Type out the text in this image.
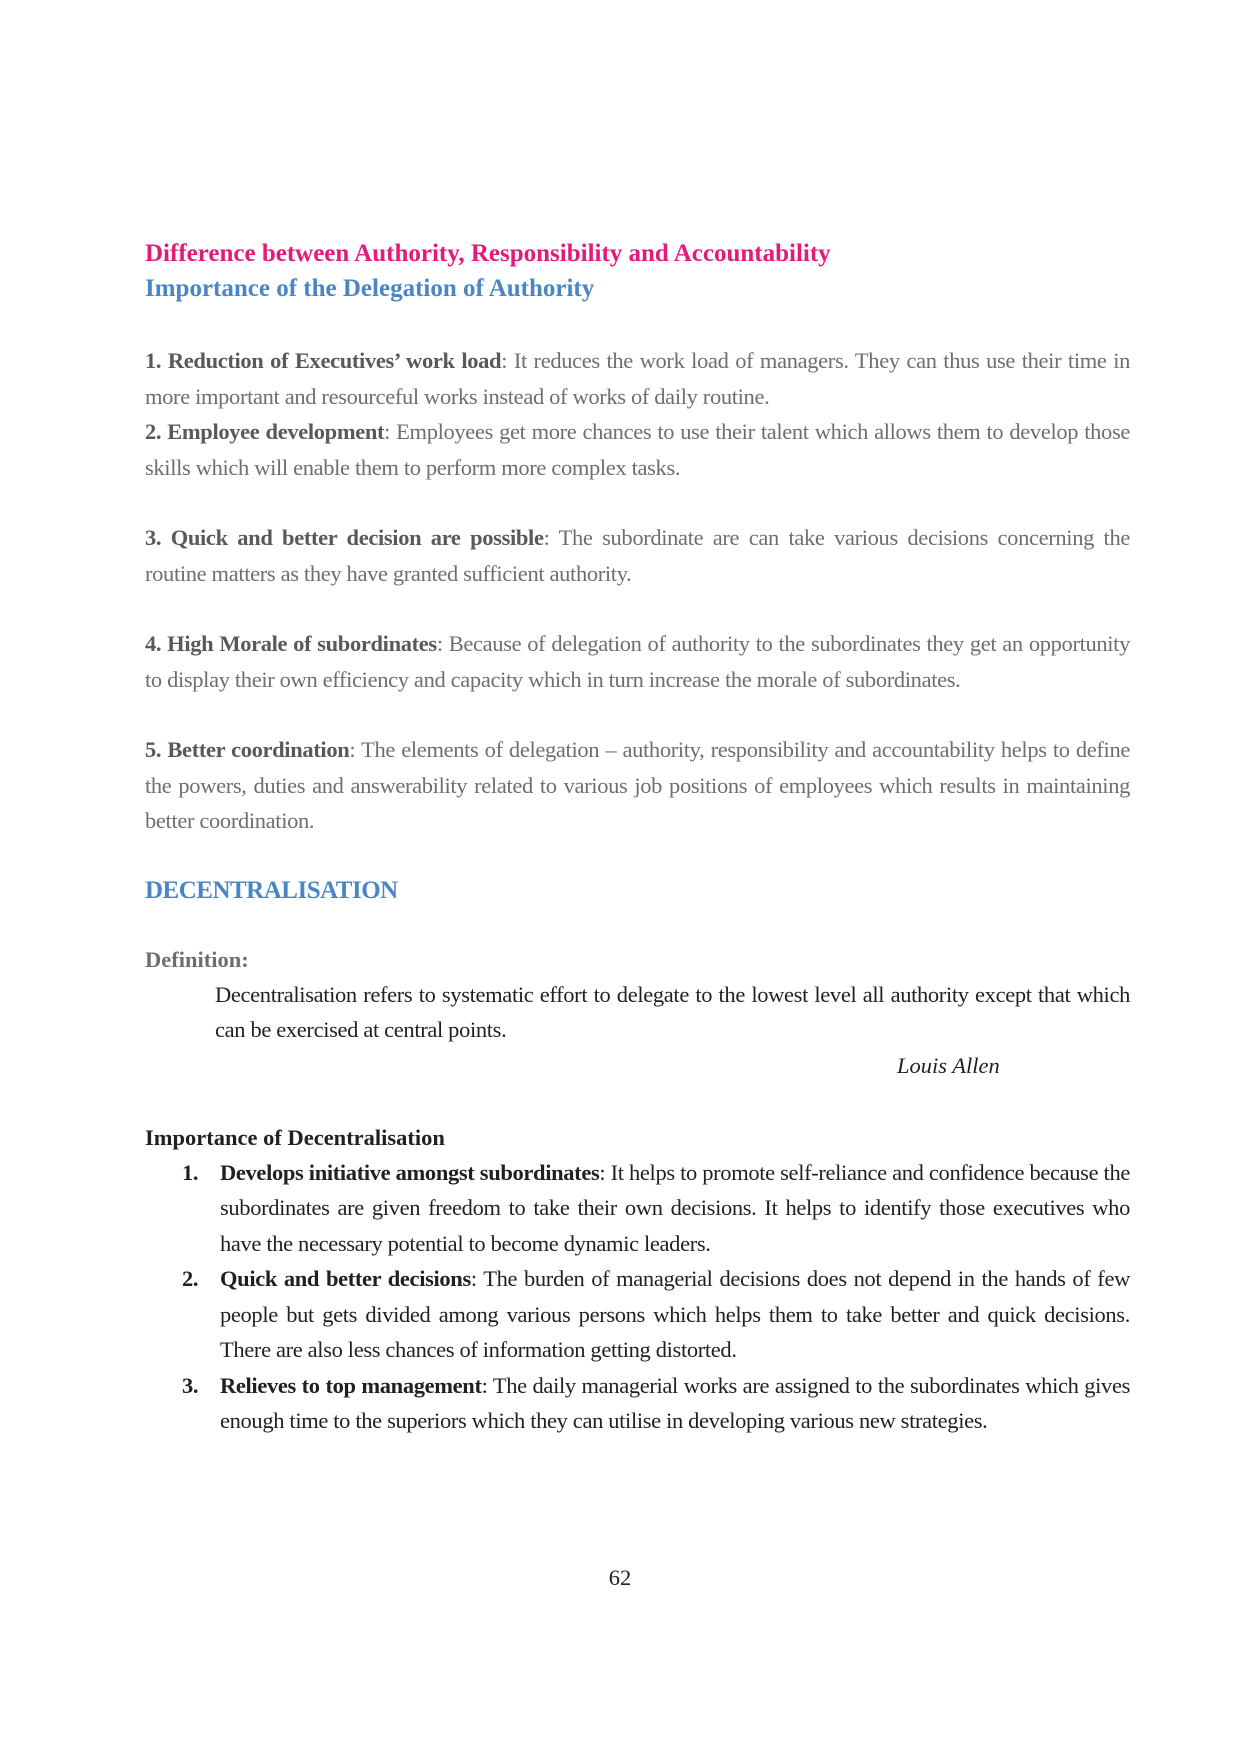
Difference between Authority, Responsibility and Accountability

Importance of the Delegation of Authority

1. Reduction of Executives’ work load: It reduces the work load of managers. They can thus use their time in more important and resourceful works instead of works of daily routine.

2. Employee development: Employees get more chances to use their talent which allows them to develop those skills which will enable them to perform more complex tasks.

3. Quick and better decision are possible: The subordinate are can take various decisions concerning the routine matters as they have granted sufficient authority.

4. High Morale of subordinates: Because of delegation of authority to the subordinates they get an opportunity to display their own efficiency and capacity which in turn increase the morale of subordinates.

5. Better coordination: The elements of delegation – authority, responsibility and accountability helps to define the powers, duties and answerability related to various job positions of employees which results in maintaining better coordination.

DECENTRALISATION

Definition:

Decentralisation refers to systematic effort to delegate to the lowest level all authority except that which can be exercised at central points.

Louis Allen

Importance of Decentralisation

1. Develops initiative amongst subordinates: It helps to promote self-reliance and confidence because the subordinates are given freedom to take their own decisions. It helps to identify those executives who have the necessary potential to become dynamic leaders.
2. Quick and better decisions: The burden of managerial decisions does not depend in the hands of few people but gets divided among various persons which helps them to take better and quick decisions. There are also less chances of information getting distorted.
3. Relieves to top management: The daily managerial works are assigned to the subordinates which gives enough time to the superiors which they can utilise in developing various new strategies.
62
